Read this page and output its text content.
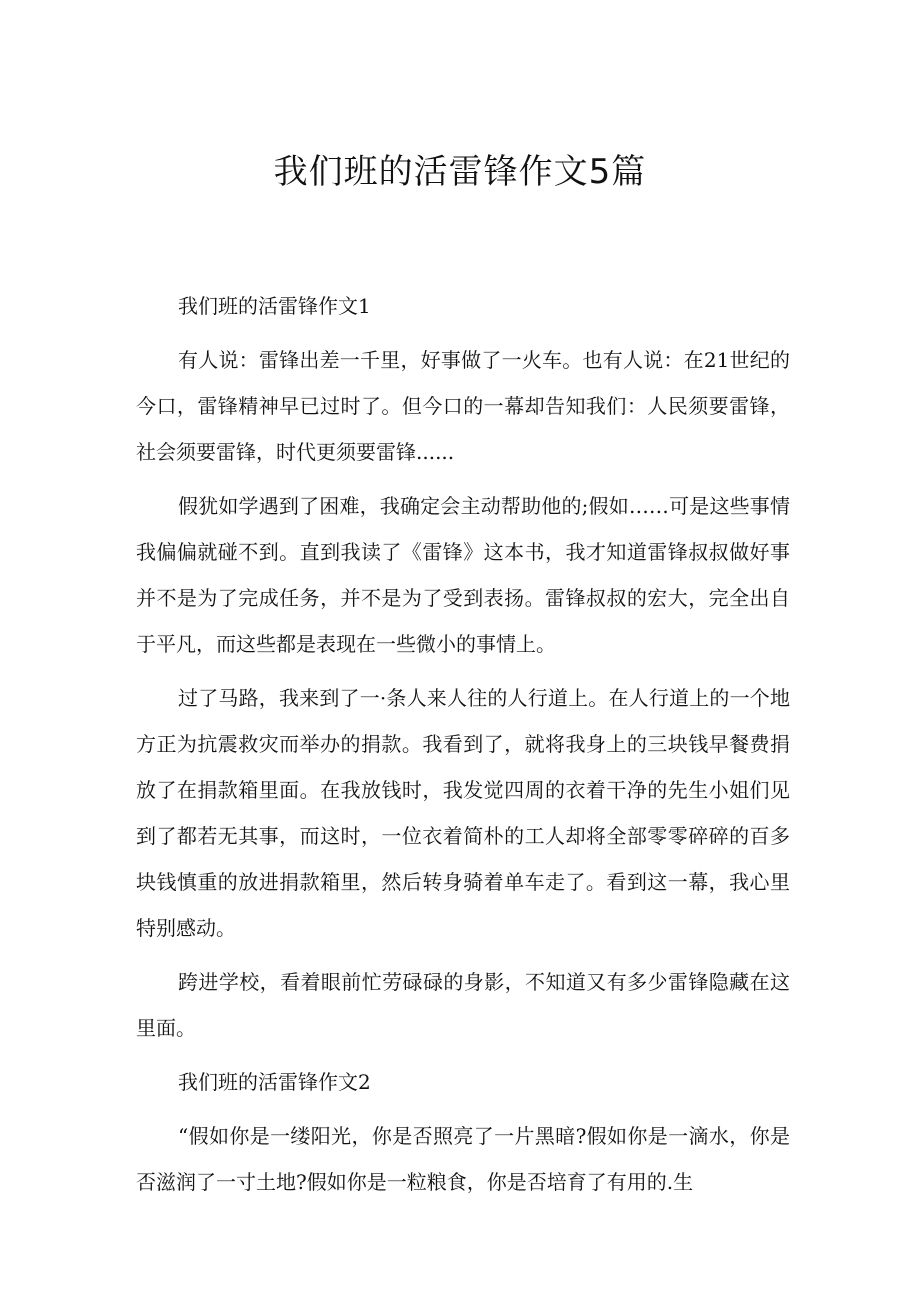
我们班的活雷锋作文5篇

我们班的活雷锋作文1

有人说：雷锋出差一千里，好事做了一火车。也有人说：在21世纪的今口，雷锋精神早已过时了。但今口的一幕却告知我们：人民须要雷锋，社会须要雷锋，时代更须要雷锋......

假犹如学遇到了困难，我确定会主动帮助他的;假如……可是这些事情我偏偏就碰不到。直到我读了《雷锋》这本书，我才知道雷锋叔叔做好事并不是为了完成任务，并不是为了受到表扬。雷锋叔叔的宏大，完全出自于平凡，而这些都是表现在一些微小的事情上。

过了马路，我来到了一·条人来人往的人行道上。在人行道上的一个地方正为抗震救灾而举办的捐款。我看到了，就将我身上的三块钱早餐费捐放了在捐款箱里面。在我放钱时，我发觉四周的衣着干净的先生小姐们见到了都若无其事，而这时，一位衣着简朴的工人却将全部零零碎碎的百多块钱慎重的放进捐款箱里，然后转身骑着单车走了。看到这一幕，我心里特别感动。

跨进学校，看着眼前忙劳碌碌的身影，不知道又有多少雷锋隐藏在这里面。

我们班的活雷锋作文2

“假如你是一缕阳光，你是否照亮了一片黑暗?假如你是一滴水，你是否滋润了一寸土地?假如你是一粒粮食，你是否培育了有用的.生
